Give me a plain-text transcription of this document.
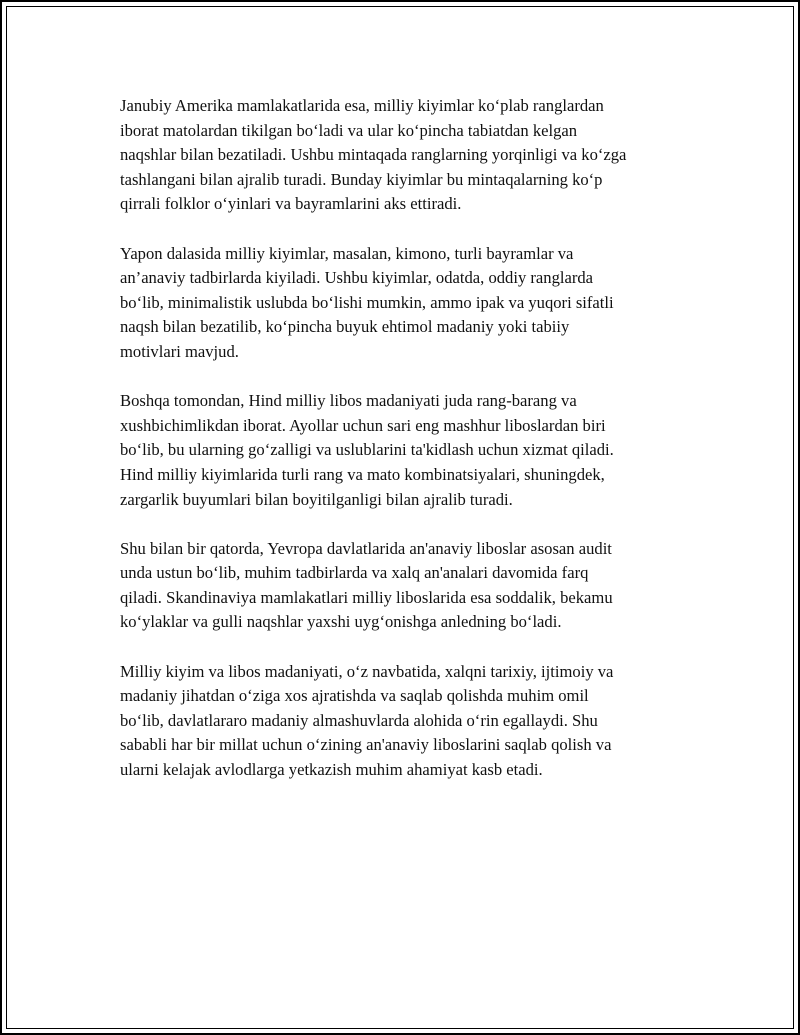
Janubiy Amerika mamlakatlarida esa, milliy kiyimlar koʻplab ranglardan
iborat matolardan tikilgan boʻladi va ular koʻpincha tabiatdan kelgan
naqshlar bilan bezatiladi. Ushbu mintaqada ranglarning yorqinligi va koʻzga
tashlangani bilan ajralib turadi. Bunday kiyimlar bu mintaqalarning koʻp
qirrali folklor oʻyinlari va bayramlarini aks ettiradi.

Yapon dalasida milliy kiyimlar, masalan, kimono, turli bayramlar va
an’anaviy tadbirlarda kiyiladi. Ushbu kiyimlar, odatda, oddiy ranglarda
boʻlib, minimalistik uslubda boʻlishi mumkin, ammo ipak va yuqori sifatli
naqsh bilan bezatilib, koʻpincha buyuk ehtimol madaniy yoki tabiiy
motivlari mavjud.

Boshqa tomondan, Hind milliy libos madaniyati juda rang-barang va
xushbichimlikdan iborat. Ayollar uchun sari eng mashhur liboslardan biri
boʻlib, bu ularning goʻzalligi va uslublarini ta'kidlash uchun xizmat qiladi.
Hind milliy kiyimlarida turli rang va mato kombinatsiyalari, shuningdek,
zargarlik buyumlari bilan boyitilganligi bilan ajralib turadi.

Shu bilan bir qatorda, Yevropa davlatlarida an'anaviy liboslar asosan audit
unda ustun boʻlib, muhim tadbirlarda va xalq an'analari davomida farq
qiladi. Skandinaviya mamlakatlari milliy liboslarida esa soddalik, bekamu
koʻylaklar va gulli naqshlar yaxshi uygʻonishga anledning boʻladi.

Milliy kiyim va libos madaniyati, oʻz navbatida, xalqni tarixiy, ijtimoiy va
madaniy jihatdan oʻziga xos ajratishda va saqlab qolishda muhim omil
boʻlib, davlatlararo madaniy almashuvlarda alohida oʻrin egallaydi. Shu
sababli har bir millat uchun oʻzining an'anaviy liboslarini saqlab qolish va
ularni kelajak avlodlarga yetkazish muhim ahamiyat kasb etadi.
